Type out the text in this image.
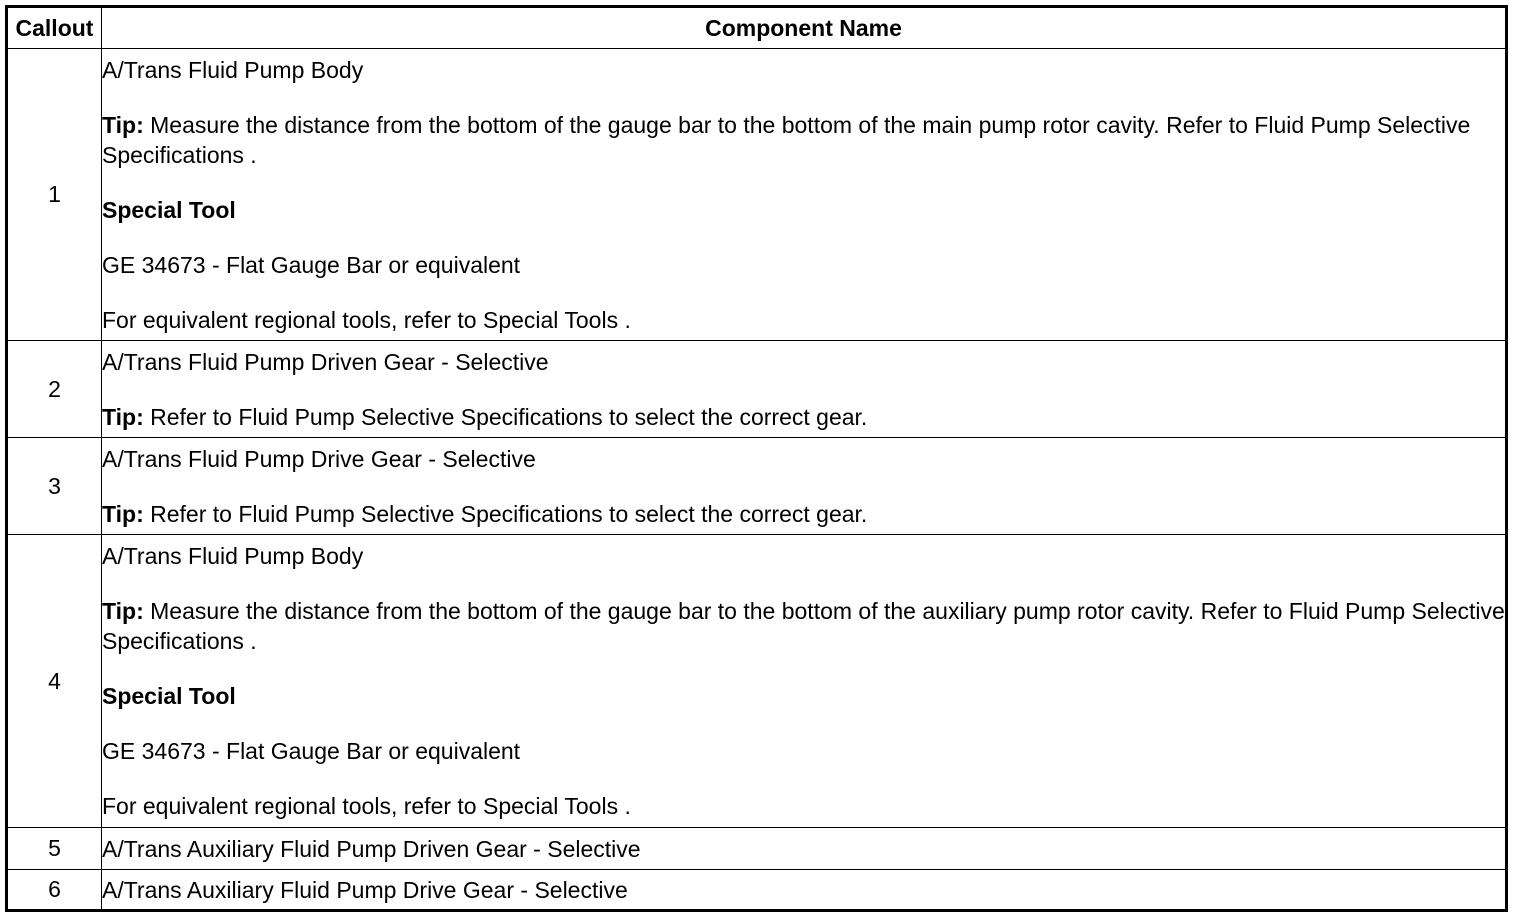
Callout	Component Name
1	A/Trans Fluid Pump Body

Tip: Measure the distance from the bottom of the gauge bar to the bottom of the main pump rotor cavity. Refer to Fluid Pump Selective Specifications .

Special Tool

GE 34673 - Flat Gauge Bar or equivalent

For equivalent regional tools, refer to Special Tools .

2	A/Trans Fluid Pump Driven Gear - Selective

Tip: Refer to Fluid Pump Selective Specifications to select the correct gear.

3	A/Trans Fluid Pump Drive Gear - Selective

Tip: Refer to Fluid Pump Selective Specifications to select the correct gear.

4	A/Trans Fluid Pump Body

Tip: Measure the distance from the bottom of the gauge bar to the bottom of the auxiliary pump rotor cavity. Refer to Fluid Pump Selective Specifications .

Special Tool

GE 34673 - Flat Gauge Bar or equivalent

For equivalent regional tools, refer to Special Tools .

5	A/Trans Auxiliary Fluid Pump Driven Gear - Selective

6	A/Trans Auxiliary Fluid Pump Drive Gear - Selective
